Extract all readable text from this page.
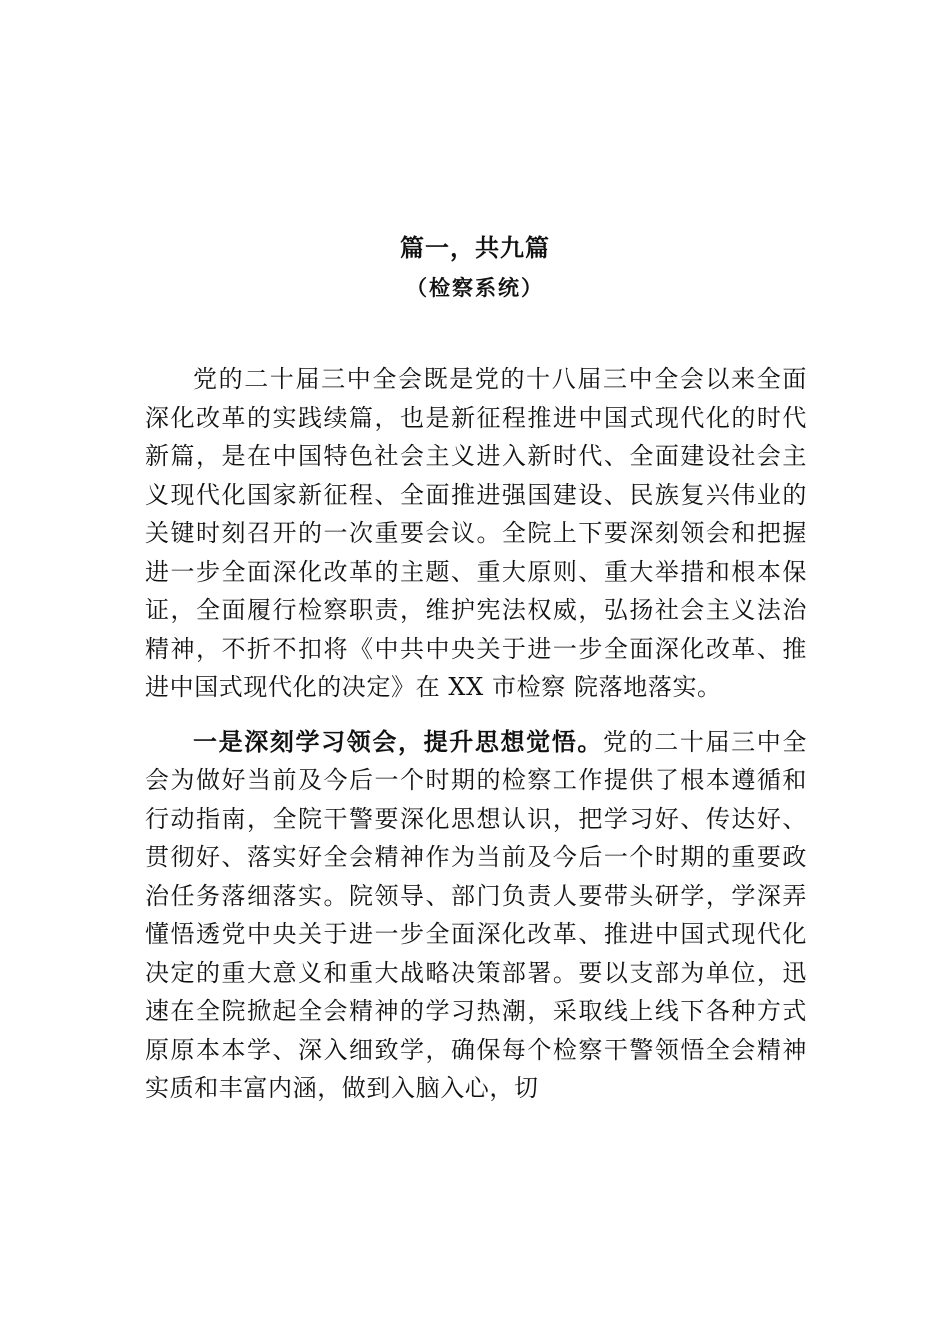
篇一，共九篇
（检察系统）

党的二十届三中全会既是党的十八届三中全会以来全面深化改革的实践续篇，也是新征程推进中国式现代化的时代新篇，是在中国特色社会主义进入新时代、全面建设社会主义现代化国家新征程、全面推进强国建设、民族复兴伟业的关键时刻召开的一次重要会议。全院上下要深刻领会和把握进一步全面深化改革的主题、重大原则、重大举措和根本保证，全面履行检察职责，维护宪法权威，弘扬社会主义法治精神，不折不扣将《中共中央关于进一步全面深化改革、推进中国式现代化的决定》在 XX 市检察 院落地落实。

一是深刻学习领会，提升思想觉悟。党的二十届三中全会为做好当前及今后一个时期的检察工作提供了根本遵循和行动指南，全院干警要深化思想认识，把学习好、传达好、贯彻好、落实好全会精神作为当前及今后一个时期的重要政治任务落细落实。院领导、部门负责人要带头研学，学深弄懂悟透党中央关于进一步全面深化改革、推进中国式现代化决定的重大意义和重大战略决策部署。要以支部为单位，迅速在全院掀起全会精神的学习热潮，采取线上线下各种方式原原本本学、深入细致学，确保每个检察干警领悟全会精神实质和丰富内涵，做到入脑入心，切
